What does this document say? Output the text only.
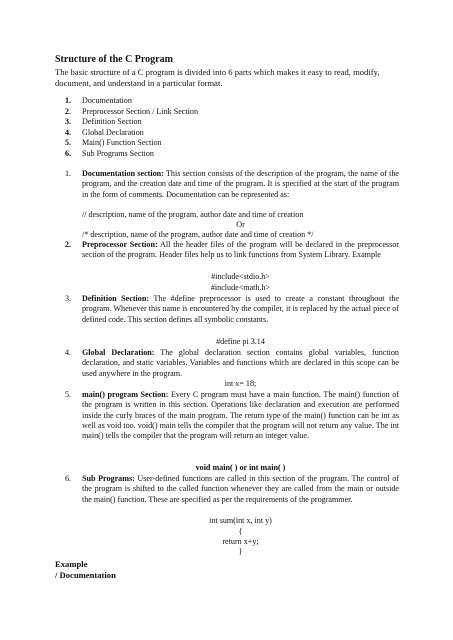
Structure of the C Program
The basic structure of a C program is divided into 6 parts which makes it easy to read, modify, document, and understand in a particular format.
1.	Documentation
2.	Preprocessor Section / Link Section
3.	Definition Section
4.	Global Declaration
5.	Main() Function Section
6.	Sub Programs Section
1.	Documentation section: This section consists of the description of the program, the name of the program, and the creation date and time of the program. It is specified at the start of the program in the form of comments. Documentation can be represented as:
// description, name of the program, author date and time of creation
Or
/* description, name of the program, author date and time of creation */
2.	Preprocessor Section: All the header files of the program will be declared in the preprocessor section of the program. Header files help us to link functions from System Library. Example
#include<stdio.h>
#include<math.h>
3.	Definition Section: The #define preprocessor is used to create a constant throughout the program. Whenever this name is encountered by the compiler, it is replaced by the actual piece of defined code. This section defines all symbolic constants.
#define pi 3.14
4.	Global Declaration: The global declaration section contains global variables, function declaration, and static variables. Variables and functions which are declared in this scope can be used anywhere in the program.
int x= 18;
5.	main() program Section: Every C program must have a main function. The main() function of the program is written in this section. Operations like declaration and execution are performed inside the curly braces of the main program. The return type of the main() function can be int as well as void too. void() main tells the compiler that the program will not return any value. The int main() tells the compiler that the program will return an integer value.
void main( ) or int main( )
6.	Sub Programs: User-defined functions are called in this section of the program. The control of the program is shifted to the called function whenever they are called from the main or outside the main() function. These are specified as per the requirements of the programmer.
int sum(int x, int y)
{
return x+y;
}
Example
/ Documentation
